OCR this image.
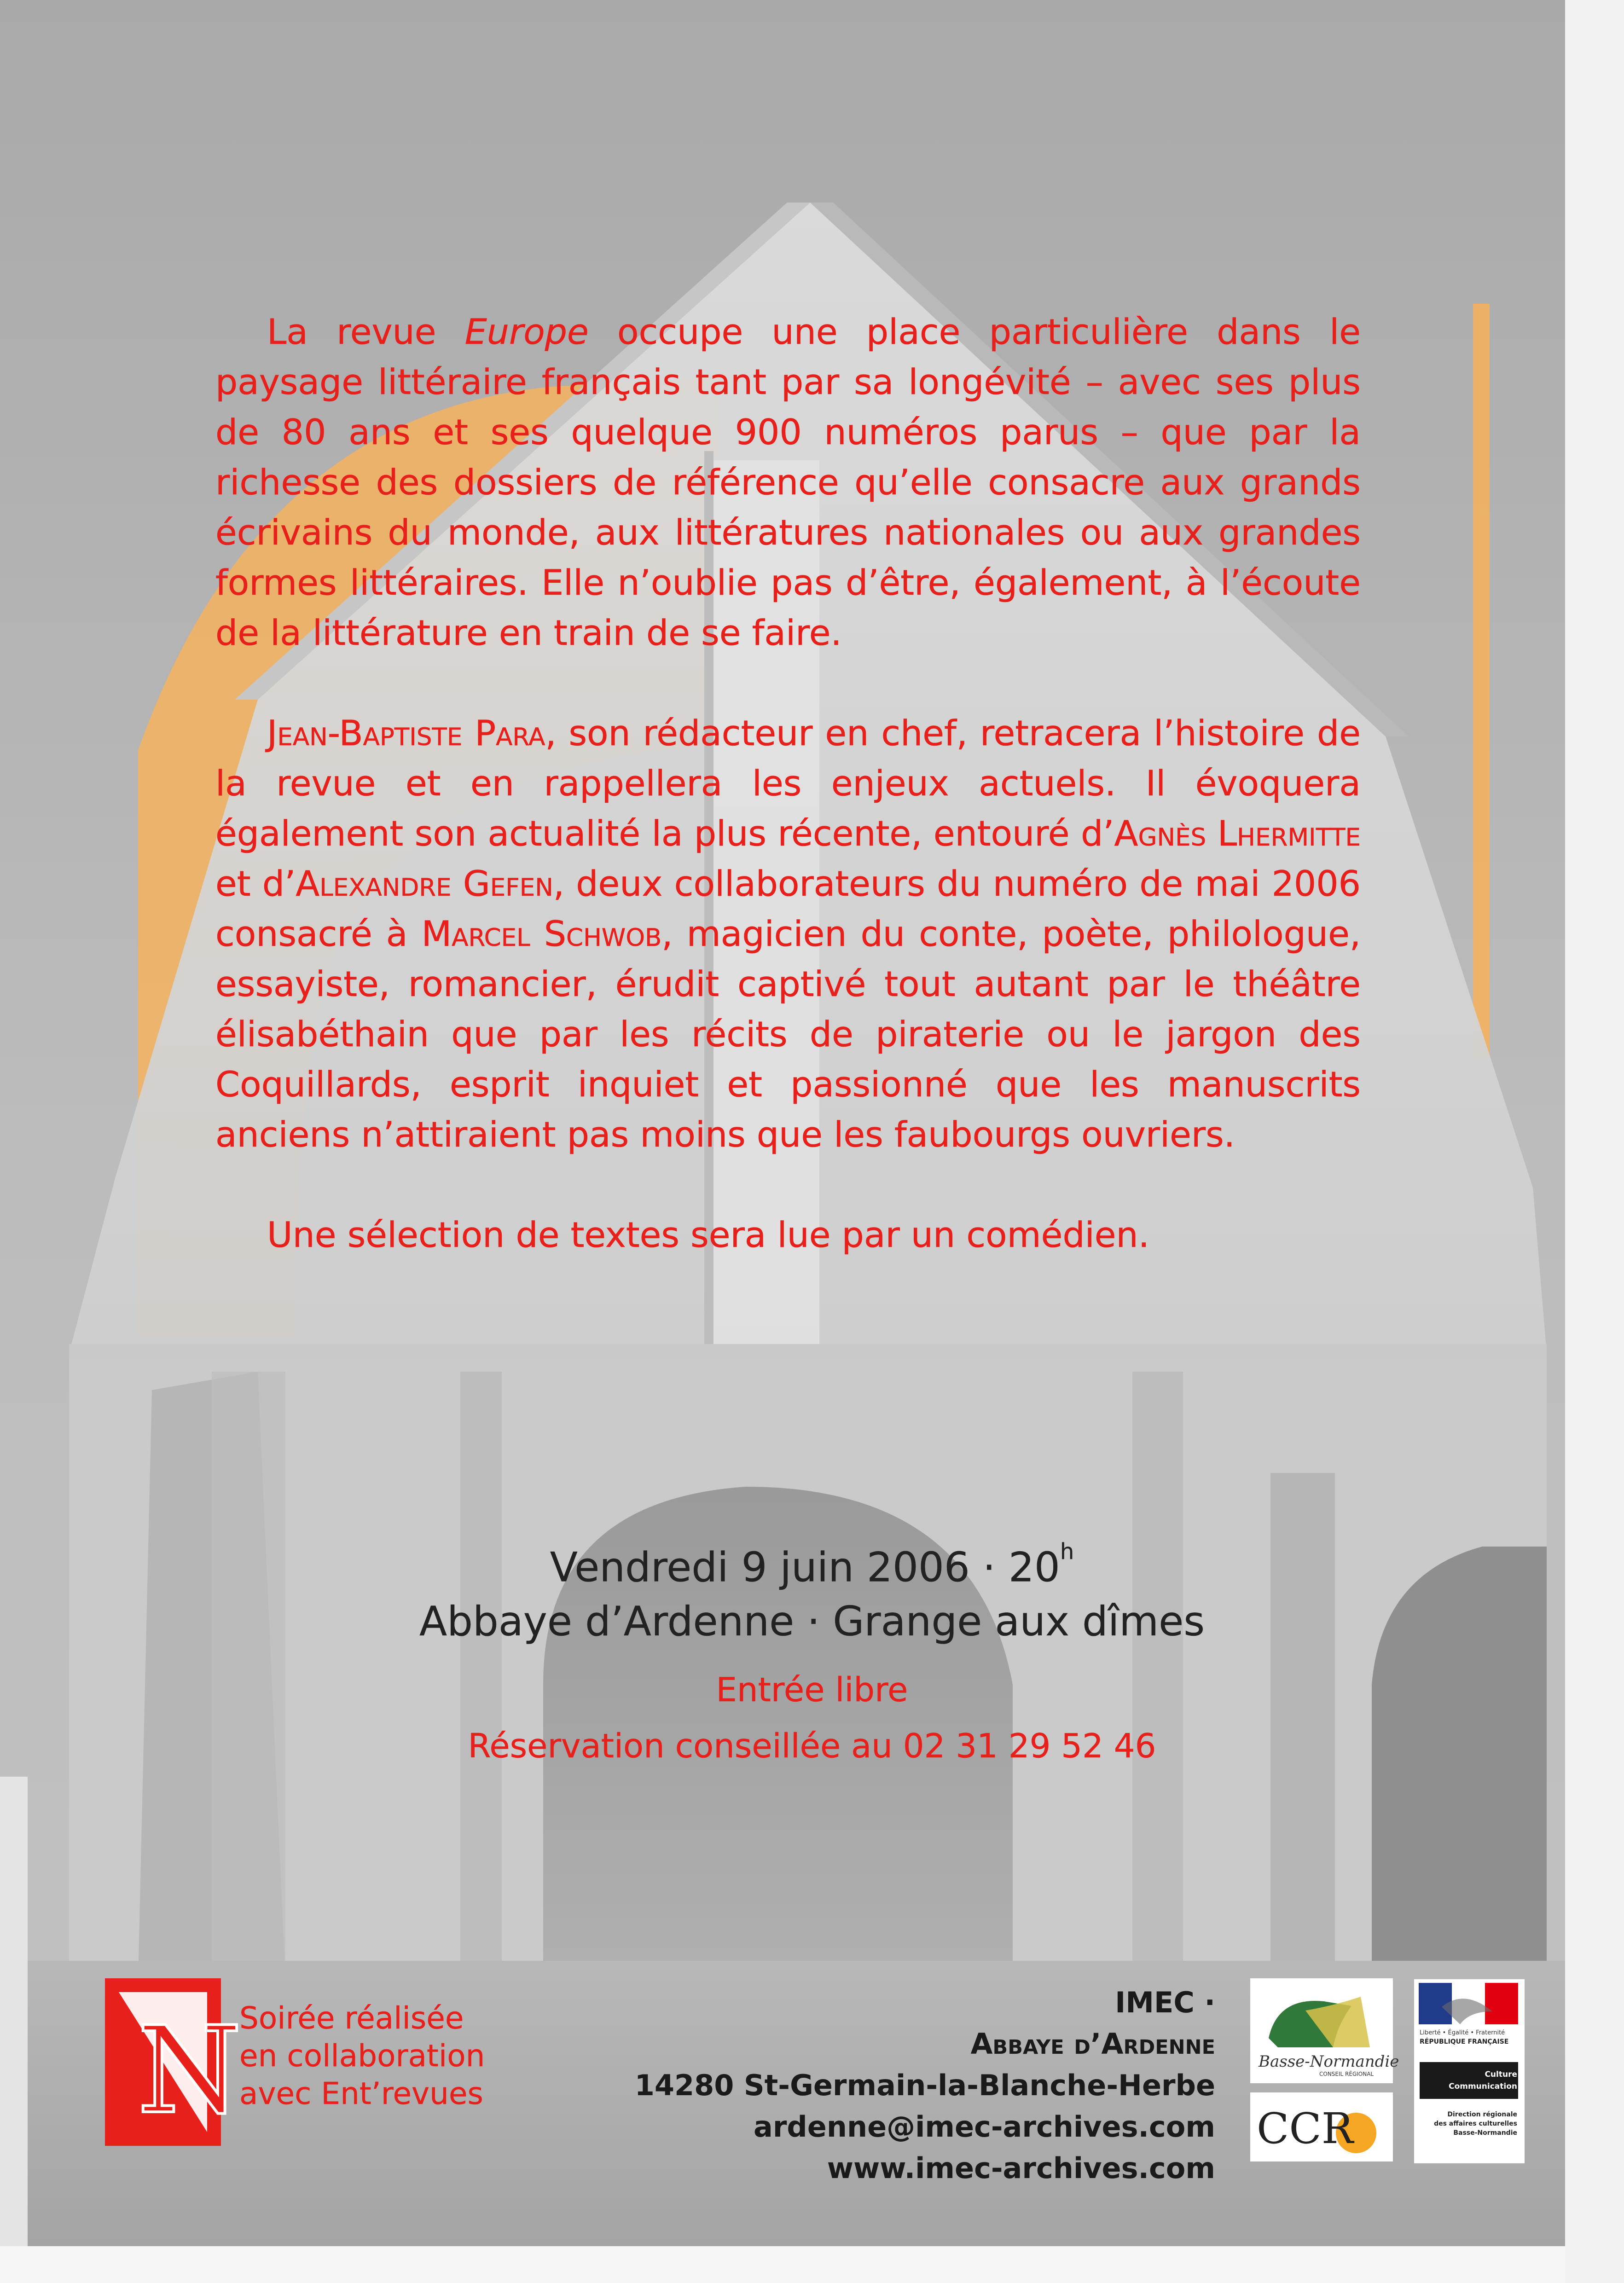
La revue Europe occupe une place particulière dans le paysage littéraire français tant par sa longévité – avec ses plus de 80 ans et ses quelque 900 numéros parus – que par la richesse des dossiers de référence qu’elle consacre aux grands écrivains du monde, aux littératures nationales ou aux grandes formes littéraires. Elle n’oublie pas d’être, également, à l’écoute de la littérature en train de se faire.

Jean-Baptiste Para, son rédacteur en chef, retracera l’histoire de la revue et en rappellera les enjeux actuels. Il évoquera également son actualité la plus récente, entouré d’Agnès Lhermitte et d’Alexandre Gefen, deux collaborateurs du numéro de mai 2006 consacré à Marcel Schwob, magicien du conte, poète, philologue, essayiste, romancier, érudit captivé tout autant par le théâtre élisabéthain que par les récits de piraterie ou le jargon des Coquillards, esprit inquiet et passionné que les manuscrits anciens n’attiraient pas moins que les faubourgs ouvriers.

Une sélection de textes sera lue par un comédien.

Vendredi 9 juin $2006 \cdot 20^h$
Abbaye d’Ardenne · Grange aux dîmes
Entrée libre
Réservation conseillée au 02 31 29 52 46
N
Soirée réalisée
en collaboration
avec Ent’revues
IMEC ·
Abbaye d’Ardenne
14280 St-Germain-la-Blanche-Herbe
ardenne@imec-archives.com
www.imec-archives.com
Basse-Normandie
CONSEIL RÉGIONAL
CCR
Liberté • Égalité • Fraternité
RÉPUBLIQUE FRANÇAISE
Culture
Communication
Direction régionale
des affaires culturelles
Basse-Normandie
